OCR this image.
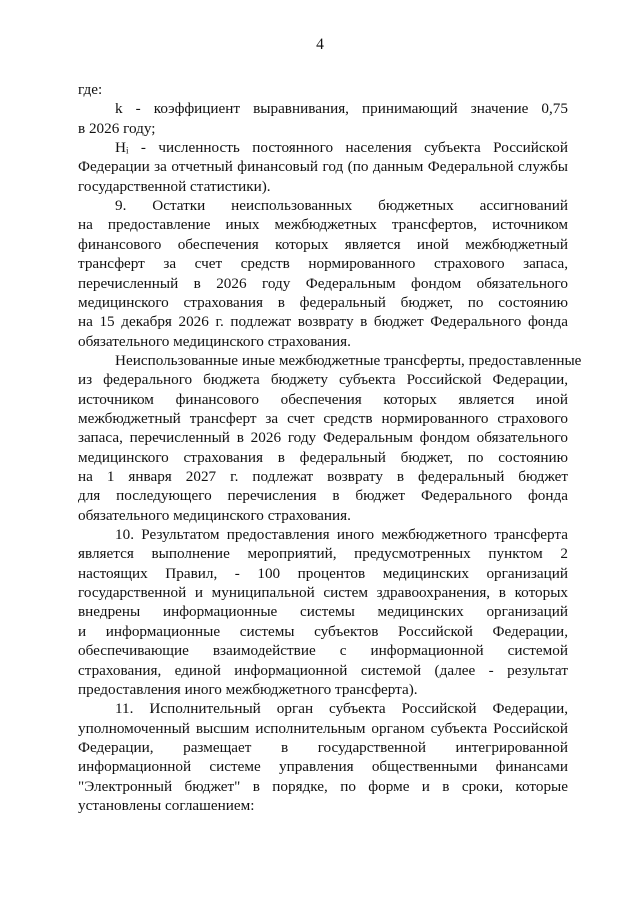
4
где:
k - коэффициент выравнивания, принимающий значение 0,75
в 2026 году;
Hᵢ - численность постоянного населения субъекта Российской
Федерации за отчетный финансовый год (по данным Федеральной службы
государственной статистики).
9. Остатки неиспользованных бюджетных ассигнований
на предоставление иных межбюджетных трансфертов, источником
финансового обеспечения которых является иной межбюджетный
трансферт за счет средств нормированного страхового запаса,
перечисленный в 2026 году Федеральным фондом обязательного
медицинского страхования в федеральный бюджет, по состоянию
на 15 декабря 2026 г. подлежат возврату в бюджет Федерального фонда
обязательного медицинского страхования.
Неиспользованные иные межбюджетные трансферты, предоставленные
из федерального бюджета бюджету субъекта Российской Федерации,
источником финансового обеспечения которых является иной
межбюджетный трансферт за счет средств нормированного страхового
запаса, перечисленный в 2026 году Федеральным фондом обязательного
медицинского страхования в федеральный бюджет, по состоянию
на 1 января 2027 г. подлежат возврату в федеральный бюджет
для последующего перечисления в бюджет Федерального фонда
обязательного медицинского страхования.
10. Результатом предоставления иного межбюджетного трансферта
является выполнение мероприятий, предусмотренных пунктом 2
настоящих Правил, - 100 процентов медицинских организаций
государственной и муниципальной систем здравоохранения, в которых
внедрены информационные системы медицинских организаций
и информационные системы субъектов Российской Федерации,
обеспечивающие взаимодействие с информационной системой
страхования, единой информационной системой (далее - результат
предоставления иного межбюджетного трансферта).
11. Исполнительный орган субъекта Российской Федерации,
уполномоченный высшим исполнительным органом субъекта Российской
Федерации, размещает в государственной интегрированной
информационной системе управления общественными финансами
"Электронный бюджет" в порядке, по форме и в сроки, которые
установлены соглашением:
